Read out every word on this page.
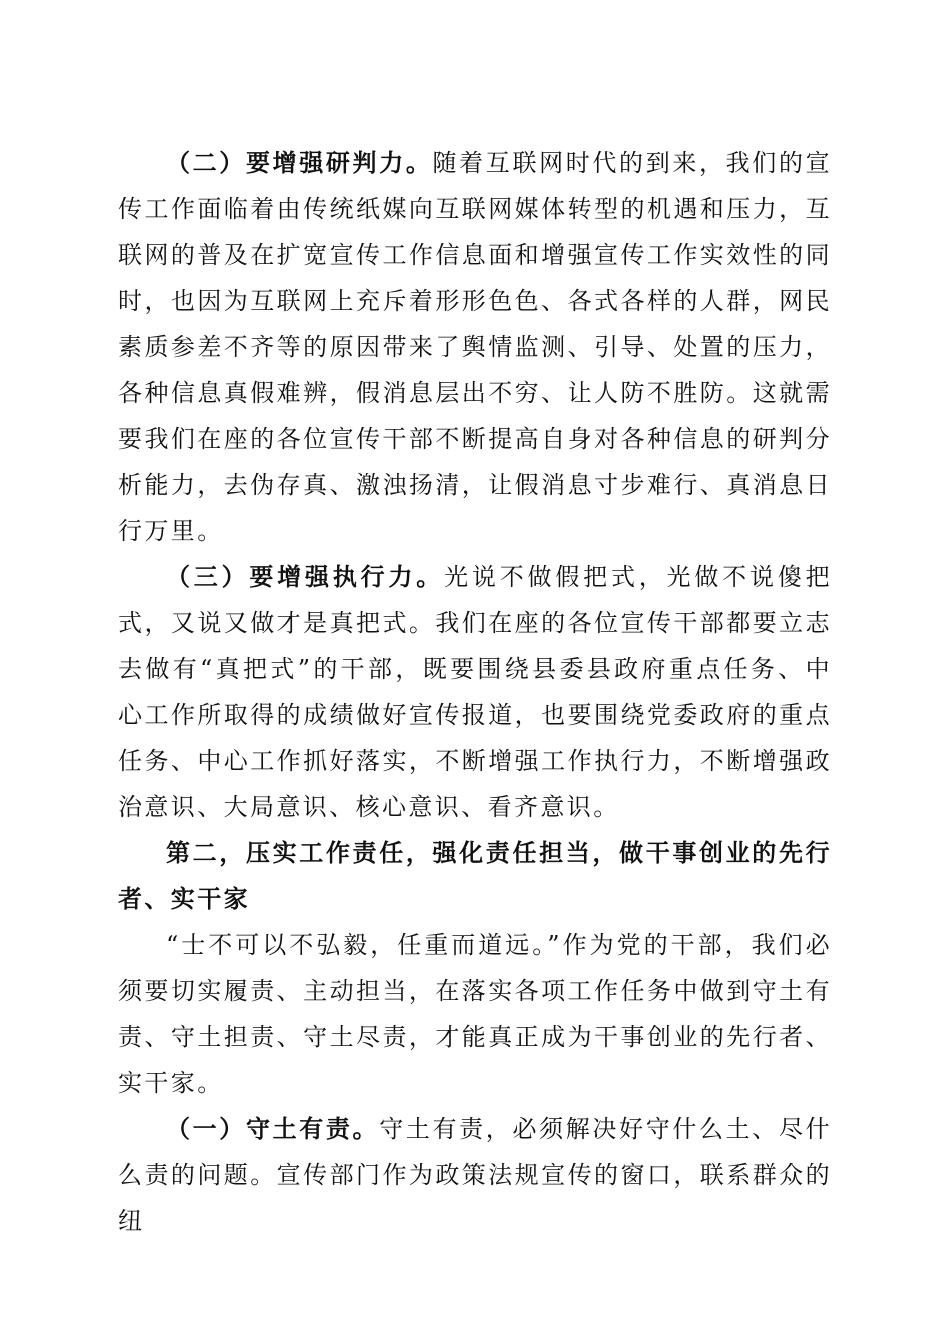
（二）要增强研判力。随着互联网时代的到来，我们的宣传工作面临着由传统纸媒向互联网媒体转型的机遇和压力，互联网的普及在扩宽宣传工作信息面和增强宣传工作实效性的同时，也因为互联网上充斥着形形色色、各式各样的人群，网民素质参差不齐等的原因带来了舆情监测、引导、处置的压力，各种信息真假难辨，假消息层出不穷、让人防不胜防。这就需要我们在座的各位宣传干部不断提高自身对各种信息的研判分析能力，去伪存真、激浊扬清，让假消息寸步难行、真消息日行万里。

（三）要增强执行力。光说不做假把式，光做不说傻把式，又说又做才是真把式。我们在座的各位宣传干部都要立志去做有“真把式”的干部，既要围绕县委县政府重点任务、中心工作所取得的成绩做好宣传报道，也要围绕党委政府的重点任务、中心工作抓好落实，不断增强工作执行力，不断增强政治意识、大局意识、核心意识、看齐意识。

第二，压实工作责任，强化责任担当，做干事创业的先行者、实干家

“士不可以不弘毅，任重而道远。”作为党的干部，我们必须要切实履责、主动担当，在落实各项工作任务中做到守土有责、守土担责、守土尽责，才能真正成为干事创业的先行者、实干家。

（一）守土有责。守土有责，必须解决好守什么土、尽什么责的问题。宣传部门作为政策法规宣传的窗口，联系群众的纽
